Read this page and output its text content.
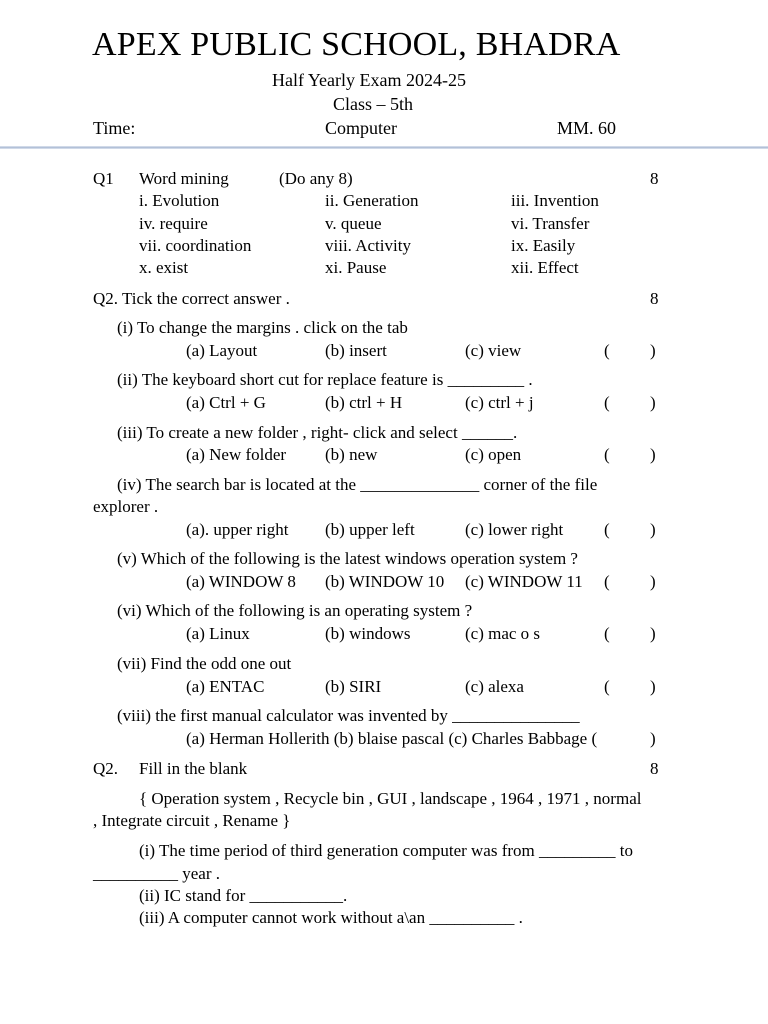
APEX PUBLIC SCHOOL, BHADRA
Half Yearly Exam 2024-25
Class – 5th
Time:	Computer	MM. 60
Q1 Word mining	(Do any 8)	8
i. Evolution	ii. Generation	iii. Invention
iv. require	v. queue	vi. Transfer
vii. coordination	viii. Activity	ix. Easily
x. exist	xi. Pause	xii. Effect
Q2. Tick the correct answer .	8
(i) To change the margins . click on the tab
(a) Layout	(b) insert	(c) view	( )
(ii) The keyboard short cut for replace feature is _________ .
(a) Ctrl + G	(b) ctrl + H	(c) ctrl + j	( )
(iii) To create a new folder , right- click and select ______.
(a) New folder (b) new	(c) open	( )
(iv) The search bar is located at the ______________ corner of the file
explorer .
(a). upper right (b) upper left	(c) lower right ( )
(v) Which of the following is the latest windows operation system ?
(a) WINDOW 8 (b) WINDOW 10 (c) WINDOW 11 ( )
(vi) Which of the following is an operating system ?
(a) Linux	(b) windows	(c) mac o s	( )
(vii) Find the odd one out
(a) ENTAC	(b) SIRI	(c) alexa	( )
(viii) the first manual calculator was invented by _______________
(a) Herman Hollerith (b) blaise pascal (c) Charles Babbage (	)
Q2. Fill in the blank	8
{ Operation system , Recycle bin , GUI , landscape , 1964 , 1971 , normal
, Integrate circuit , Rename }
(i) The time period of third generation computer was from _________ to
__________ year .
(ii) IC stand for ___________.
(iii) A computer cannot work without a\an __________ .
